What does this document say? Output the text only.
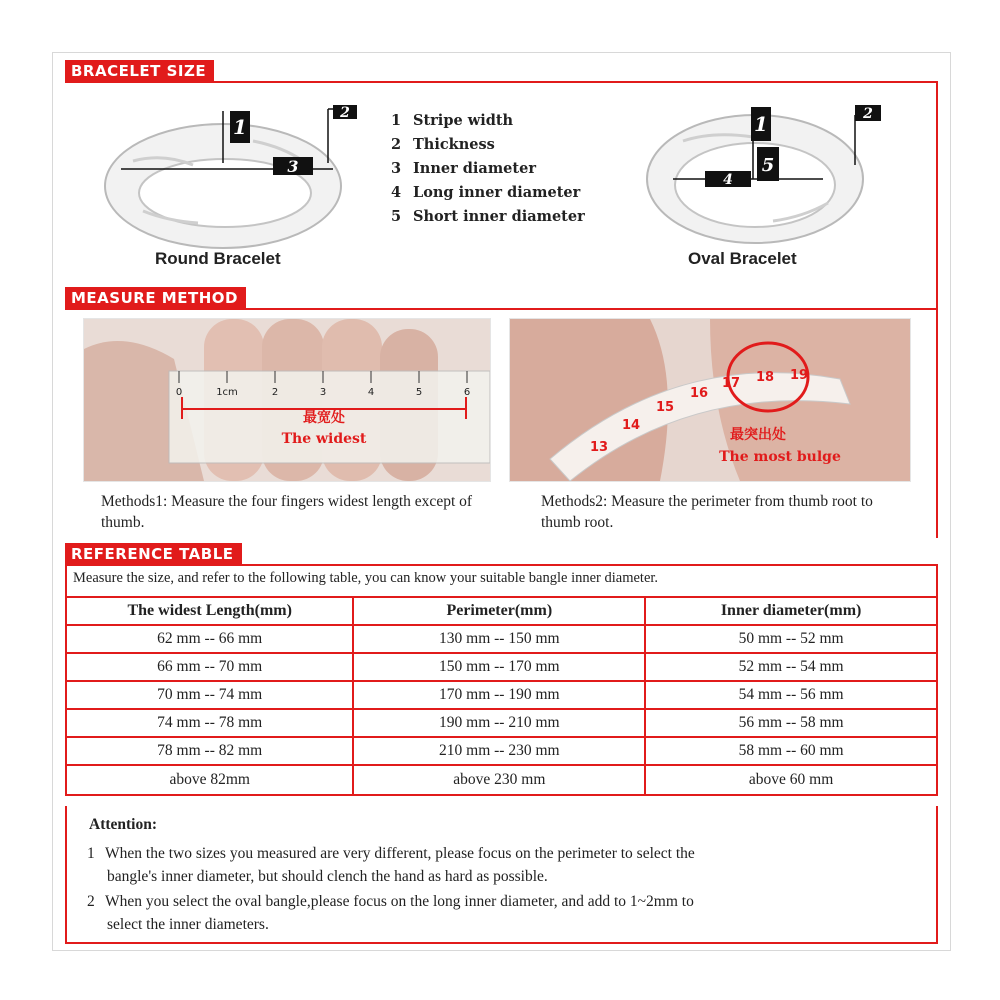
BRACELET SIZE
1
2
3
Round Bracelet
1 Stripe width
2 Thickness
3 Inner diameter
4 Long inner diameter
5 Short inner diameter
1	2
5
4
Oval Bracelet
MEASURE METHOD
0	1cm	2	3	4	5	6
最宽处
The widest
13
14
15
16
17 18 19
最突出处
The most bulge
Methods1: Measure the four fingers widest length except of thumb.
Methods2: Measure the perimeter from thumb root to thumb root.
REFERENCE TABLE
Measure the size, and refer to the following table, you can know your suitable bangle inner diameter.
The widest Length(mm)	Perimeter(mm)	Inner diameter(mm)
62 mm -- 66 mm	130 mm -- 150 mm	50 mm -- 52 mm
66 mm -- 70 mm	150 mm -- 170 mm	52 mm -- 54 mm
70 mm -- 74 mm	170 mm -- 190 mm	54 mm -- 56 mm
74 mm -- 78 mm	190 mm -- 210 mm	56 mm -- 58 mm
78 mm -- 82 mm	210 mm -- 230 mm	58 mm -- 60 mm
above 82mm	above 230 mm	above 60 mm
Attention:
1 When the two sizes you measured are very different, please focus on the perimeter to select the
bangle's inner diameter, but should clench the hand as hard as possible.
2 When you select the oval bangle,please focus on the long inner diameter, and add to 1~2mm to
select the inner diameters.
